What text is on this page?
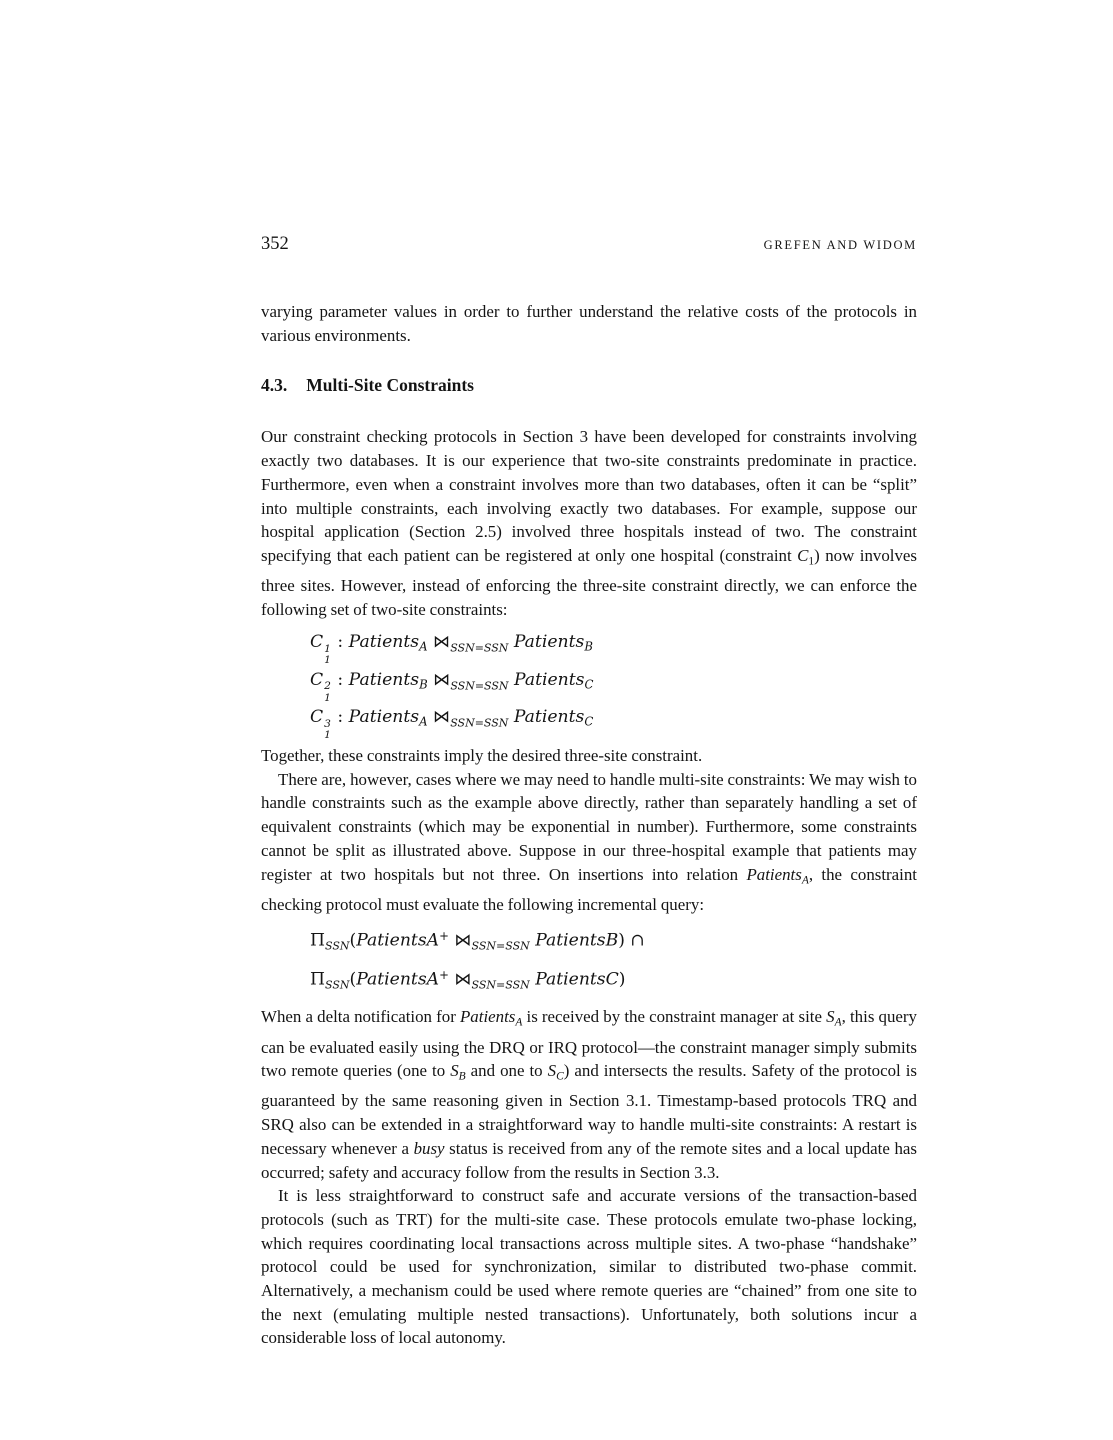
352	GREFEN AND WIDOM

varying parameter values in order to further understand the relative costs of the protocols in various environments.

4.3. Multi-Site Constraints

Our constraint checking protocols in Section 3 have been developed for constraints involving exactly two databases. It is our experience that two-site constraints predominate in practice. Furthermore, even when a constraint involves more than two databases, often it can be “split” into multiple constraints, each involving exactly two databases. For example, suppose our hospital application (Section 2.5) involved three hospitals instead of two. The constraint specifying that each patient can be registered at only one hospital (constraint $C_1$) now involves three sites. However, instead of enforcing the three-site constraint directly, we can enforce the following set of two-site constraints:

C 1
1
: Patients$_A$ $⋈_{SSN=SSN}$ Patients$_B$
C 2
1
: Patients$_B$ $⋈_{SSN=SSN}$ Patients$_C$
C 3
1
: Patients$_A$ $⋈_{SSN=SSN}$ Patients$_C$

Together, these constraints imply the desired three-site constraint.

There are, however, cases where we may need to handle multi-site constraints: We may wish to handle constraints such as the example above directly, rather than separately handling a set of equivalent constraints (which may be exponential in number). Furthermore, some constraints cannot be split as illustrated above. Suppose in our three-hospital example that patients may register at two hospitals but not three. On insertions into relation Patients$_A$, the constraint checking protocol must evaluate the following incremental query:

$\Pi_{SSN}(PatientsA^+$ $⋈_{SSN=SSN}$ PatientsB) ∩
$\Pi_{SSN}(PatientsA^+$ $⋈_{SSN=SSN}$ PatientsC)

When a delta notification for Patients$_A$ is received by the constraint manager at site $S_A$, this query can be evaluated easily using the DRQ or IRQ protocol—the constraint manager simply submits two remote queries (one to $S_B$ and one to $S_C$) and intersects the results. Safety of the protocol is guaranteed by the same reasoning given in Section 3.1. Timestamp-based protocols TRQ and SRQ also can be extended in a straightforward way to handle multi-site constraints: A restart is necessary whenever a busy status is received from any of the remote sites and a local update has occurred; safety and accuracy follow from the results in Section 3.3.

It is less straightforward to construct safe and accurate versions of the transaction-based protocols (such as TRT) for the multi-site case. These protocols emulate two-phase locking, which requires coordinating local transactions across multiple sites. A two-phase “handshake” protocol could be used for synchronization, similar to distributed two-phase commit. Alternatively, a mechanism could be used where remote queries are “chained” from one site to the next (emulating multiple nested transactions). Unfortunately, both solutions incur a considerable loss of local autonomy.
